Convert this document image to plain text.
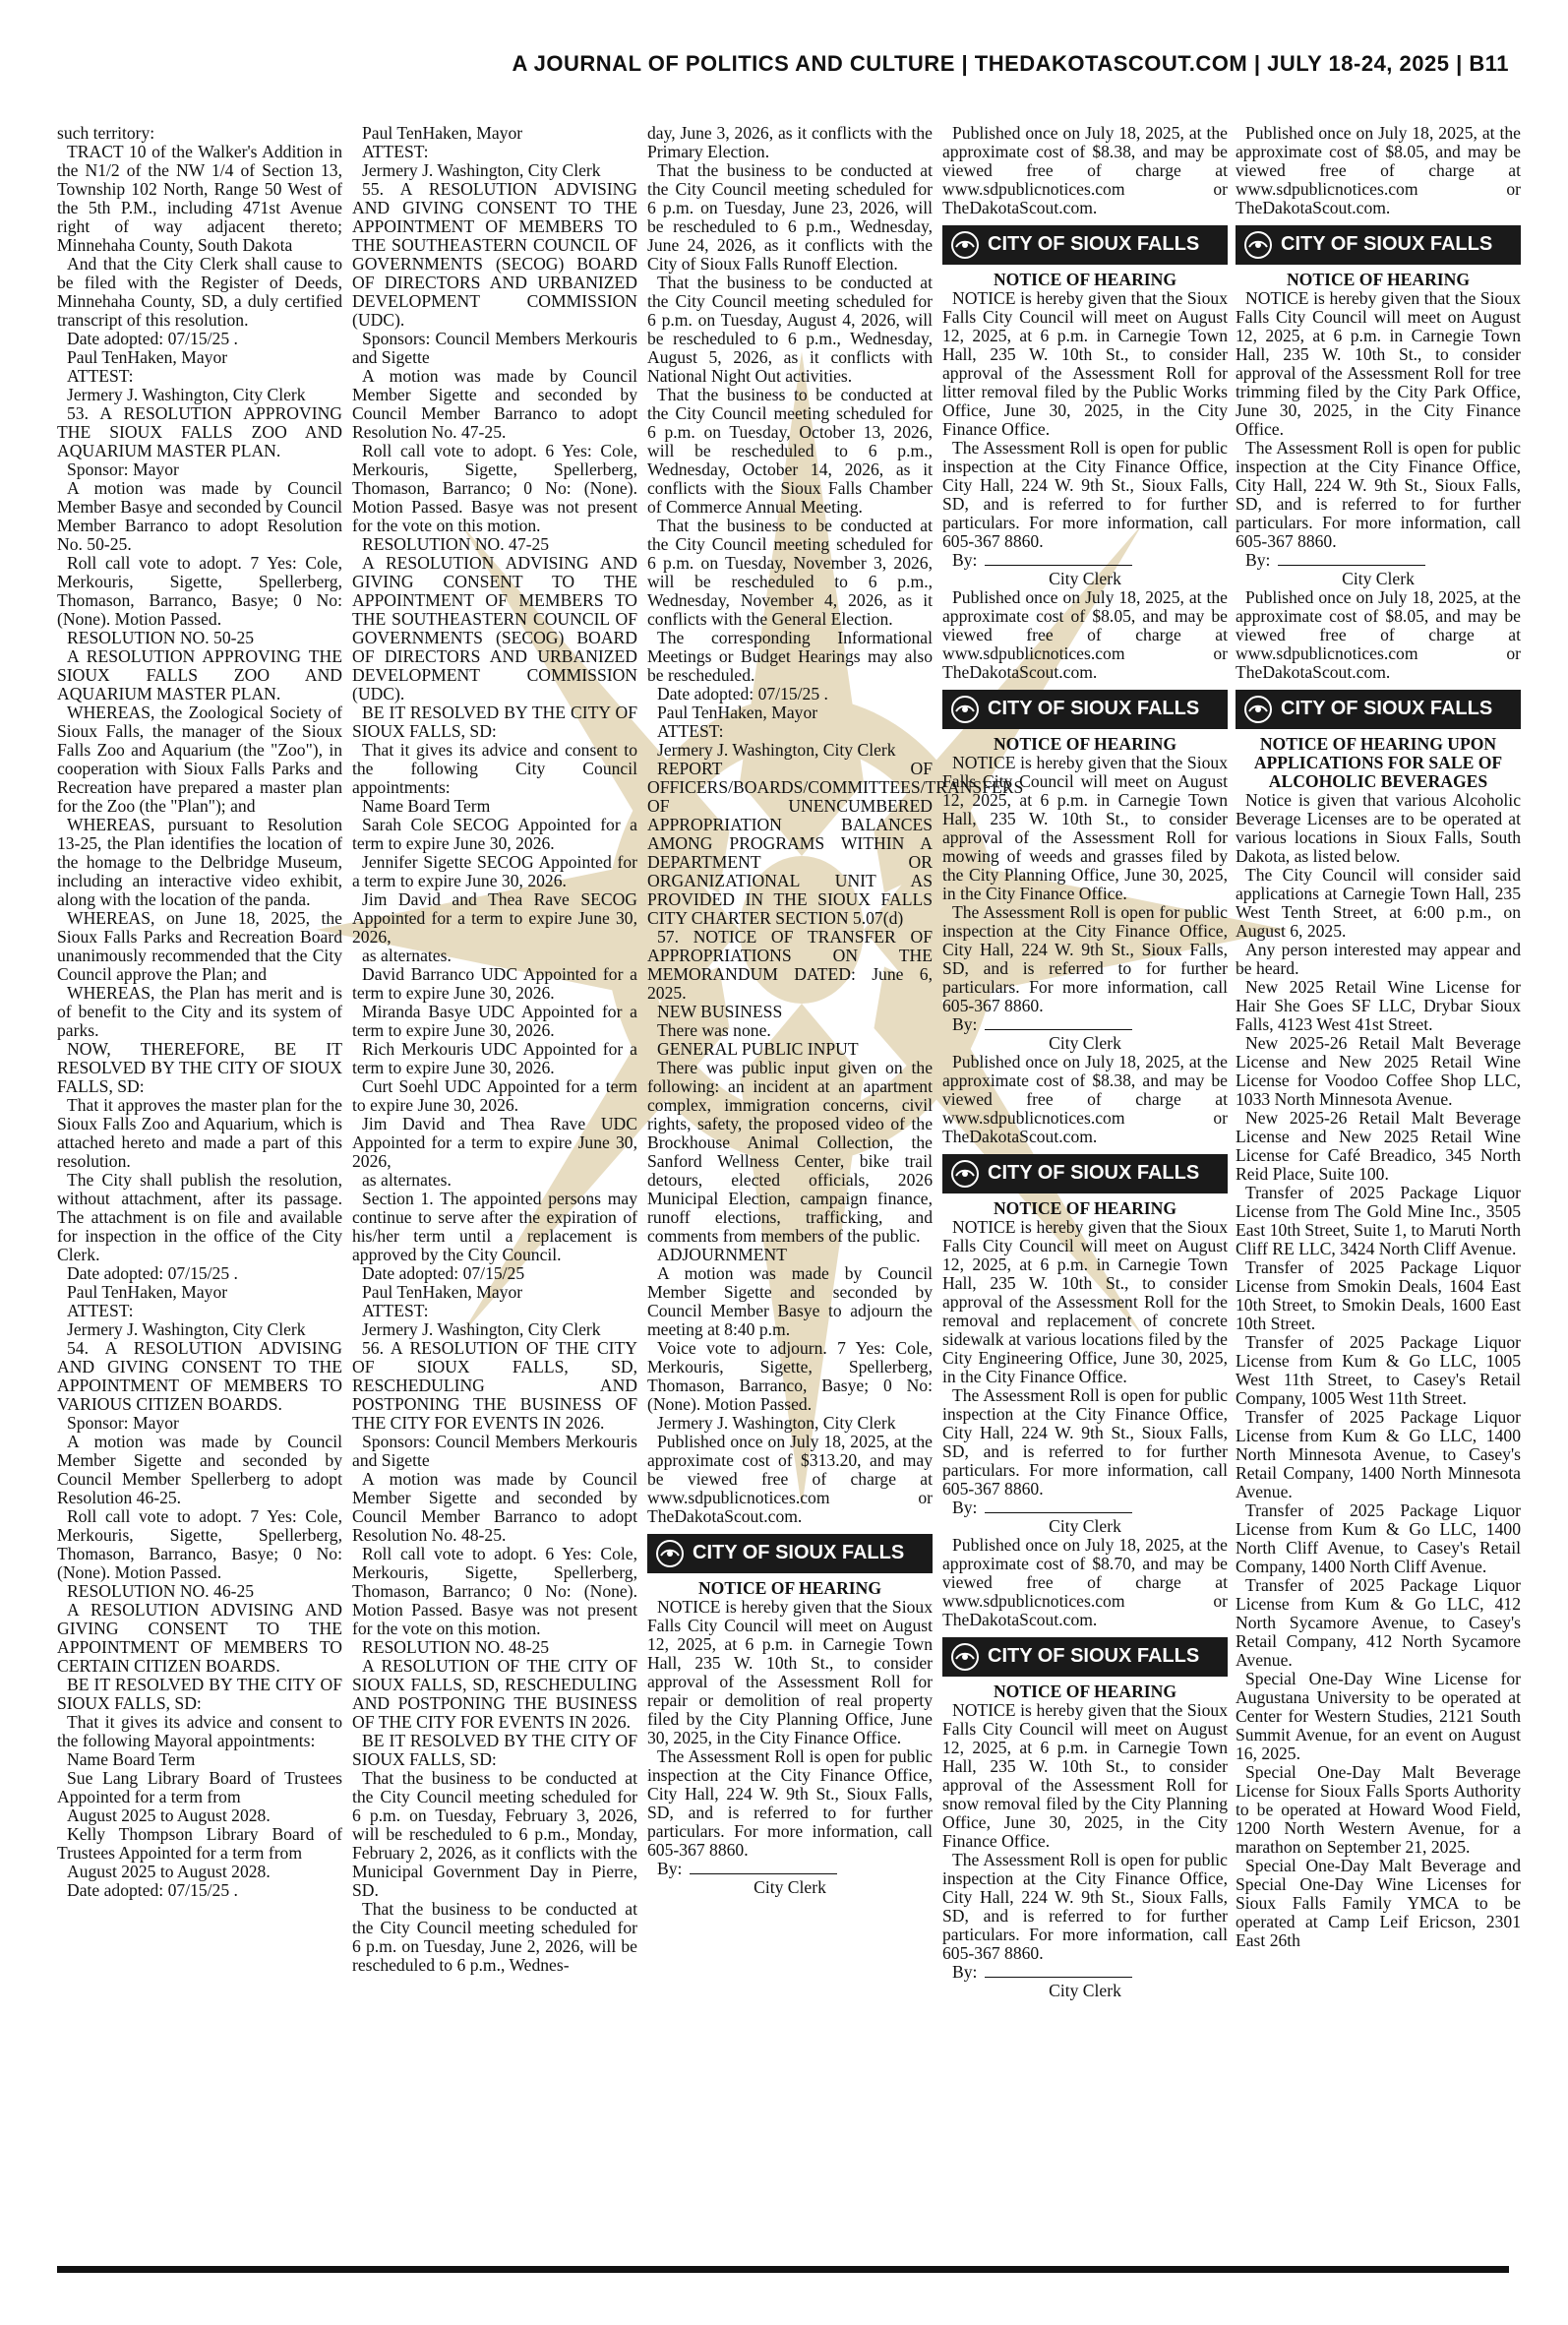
A JOURNAL OF POLITICS AND CULTURE | THEDAKOTASCOUT.COM | JULY 18-24, 2025 | B11

such territory:

TRACT 10 of the Walker's Addition in the N1/2 of the NW 1/4 of Section 13, Township 102 North, Range 50 West of the 5th P.M., including 471st Avenue right of way adjacent thereto; Minnehaha County, South Dakota

And that the City Clerk shall cause to be filed with the Register of Deeds, Minnehaha County, SD, a duly certified transcript of this resolution.

Date adopted: 07/15/25 .

Paul TenHaken, Mayor

ATTEST:

Jermery J. Washington, City Clerk

53. A RESOLUTION APPROVING THE SIOUX FALLS ZOO AND AQUARIUM MASTER PLAN.

Sponsor: Mayor

A motion was made by Council Member Basye and seconded by Council Member Barranco to adopt Resolution No. 50-25.

Roll call vote to adopt. 7 Yes: Cole, Merkouris, Sigette, Spellerberg, Thomason, Barranco, Basye; 0 No: (None). Motion Passed.

RESOLUTION NO. 50-25

A RESOLUTION APPROVING THE SIOUX FALLS ZOO AND AQUARIUM MASTER PLAN.

WHEREAS, the Zoological Society of Sioux Falls, the manager of the Sioux Falls Zoo and Aquarium (the "Zoo"), in cooperation with Sioux Falls Parks and Recreation have prepared a master plan for the Zoo (the "Plan"); and

WHEREAS, pursuant to Resolution 13-25, the Plan identifies the location of the homage to the Delbridge Museum, including an interactive video exhibit, along with the location of the panda.

WHEREAS, on June 18, 2025, the Sioux Falls Parks and Recreation Board unanimously recommended that the City Council approve the Plan; and

WHEREAS, the Plan has merit and is of benefit to the City and its system of parks.

NOW, THEREFORE, BE IT RESOLVED BY THE CITY OF SIOUX FALLS, SD:

That it approves the master plan for the Sioux Falls Zoo and Aquarium, which is attached hereto and made a part of this resolution.

The City shall publish the resolution, without attachment, after its passage. The attachment is on file and available for inspection in the office of the City Clerk.

Date adopted: 07/15/25 .

Paul TenHaken, Mayor

ATTEST:

Jermery J. Washington, City Clerk

54. A RESOLUTION ADVISING AND GIVING CONSENT TO THE APPOINTMENT OF MEMBERS TO VARIOUS CITIZEN BOARDS.

Sponsor: Mayor

A motion was made by Council Member Sigette and seconded by Council Member Spellerberg to adopt Resolution 46-25.

Roll call vote to adopt. 7 Yes: Cole, Merkouris, Sigette, Spellerberg, Thomason, Barranco, Basye; 0 No: (None). Motion Passed.

RESOLUTION NO. 46-25

A RESOLUTION ADVISING AND GIVING CONSENT TO THE APPOINTMENT OF MEMBERS TO CERTAIN CITIZEN BOARDS.

BE IT RESOLVED BY THE CITY OF SIOUX FALLS, SD:

That it gives its advice and consent to the following Mayoral appointments:

Name Board Term

Sue Lang Library Board of Trustees Appointed for a term from

August 2025 to August 2028.

Kelly Thompson Library Board of Trustees Appointed for a term from

August 2025 to August 2028.

Date adopted: 07/15/25 .

Paul TenHaken, Mayor

ATTEST:

Jermery J. Washington, City Clerk

55. A RESOLUTION ADVISING AND GIVING CONSENT TO THE APPOINTMENT OF MEMBERS TO THE SOUTHEASTERN COUNCIL OF GOVERNMENTS (SECOG) BOARD OF DIRECTORS AND URBANIZED DEVELOPMENT COMMISSION (UDC).

Sponsors: Council Members Merkouris and Sigette

A motion was made by Council Member Sigette and seconded by Council Member Barranco to adopt Resolution No. 47-25.

Roll call vote to adopt. 6 Yes: Cole, Merkouris, Sigette, Spellerberg, Thomason, Barranco; 0 No: (None). Motion Passed. Basye was not present for the vote on this motion.

RESOLUTION NO. 47-25

A RESOLUTION ADVISING AND GIVING CONSENT TO THE APPOINTMENT OF MEMBERS TO THE SOUTHEASTERN COUNCIL OF GOVERNMENTS (SECOG) BOARD OF DIRECTORS AND URBANIZED DEVELOPMENT COMMISSION (UDC).

BE IT RESOLVED BY THE CITY OF SIOUX FALLS, SD:

That it gives its advice and consent to the following City Council appointments:

Name Board Term

Sarah Cole SECOG Appointed for a term to expire June 30, 2026.

Jennifer Sigette SECOG Appointed for a term to expire June 30, 2026.

Jim David and Thea Rave SECOG Appointed for a term to expire June 30, 2026,

as alternates.

David Barranco UDC Appointed for a term to expire June 30, 2026.

Miranda Basye UDC Appointed for a term to expire June 30, 2026.

Rich Merkouris UDC Appointed for a term to expire June 30, 2026.

Curt Soehl UDC Appointed for a term to expire June 30, 2026.

Jim David and Thea Rave UDC Appointed for a term to expire June 30, 2026,

as alternates.

Section 1. The appointed persons may continue to serve after the expiration of his/her term until a replacement is approved by the City Council.

Date adopted: 07/15/25

Paul TenHaken, Mayor

ATTEST:

Jermery J. Washington, City Clerk

56. A RESOLUTION OF THE CITY OF SIOUX FALLS, SD, RESCHEDULING AND POSTPONING THE BUSINESS OF THE CITY FOR EVENTS IN 2026.

Sponsors: Council Members Merkouris and Sigette

A motion was made by Council Member Sigette and seconded by Council Member Barranco to adopt Resolution No. 48-25.

Roll call vote to adopt. 6 Yes: Cole, Merkouris, Sigette, Spellerberg, Thomason, Barranco; 0 No: (None). Motion Passed. Basye was not present for the vote on this motion.

RESOLUTION NO. 48-25

A RESOLUTION OF THE CITY OF SIOUX FALLS, SD, RESCHEDULING AND POSTPONING THE BUSINESS OF THE CITY FOR EVENTS IN 2026.

BE IT RESOLVED BY THE CITY OF SIOUX FALLS, SD:

That the business to be conducted at the City Council meeting scheduled for 6 p.m. on Tuesday, February 3, 2026, will be rescheduled to 6 p.m., Monday, February 2, 2026, as it conflicts with the Municipal Government Day in Pierre, SD.

That the business to be conducted at the City Council meeting scheduled for 6 p.m. on Tuesday, June 2, 2026, will be rescheduled to 6 p.m., Wednes-

day, June 3, 2026, as it conflicts with the Primary Election.

That the business to be conducted at the City Council meeting scheduled for 6 p.m. on Tuesday, June 23, 2026, will be rescheduled to 6 p.m., Wednesday, June 24, 2026, as it conflicts with the City of Sioux Falls Runoff Election.

That the business to be conducted at the City Council meeting scheduled for 6 p.m. on Tuesday, August 4, 2026, will be rescheduled to 6 p.m., Wednesday, August 5, 2026, as it conflicts with National Night Out activities.

That the business to be conducted at the City Council meeting scheduled for 6 p.m. on Tuesday, October 13, 2026, will be rescheduled to 6 p.m., Wednesday, October 14, 2026, as it conflicts with the Sioux Falls Chamber of Commerce Annual Meeting.

That the business to be conducted at the City Council meeting scheduled for 6 p.m. on Tuesday, November 3, 2026, will be rescheduled to 6 p.m., Wednesday, November 4, 2026, as it conflicts with the General Election.

The corresponding Informational Meetings or Budget Hearings may also be rescheduled.

Date adopted: 07/15/25 .

Paul TenHaken, Mayor

ATTEST:

Jermery J. Washington, City Clerk

REPORT OF OFFICERS/BOARDS/COMMITTEES/TRANSFERS OF UNENCUMBERED APPROPRIATION BALANCES AMONG PROGRAMS WITHIN A DEPARTMENT OR ORGANIZATIONAL UNIT AS PROVIDED IN THE SIOUX FALLS CITY CHARTER SECTION 5.07(d)

57. NOTICE OF TRANSFER OF APPROPRIATIONS ON THE MEMORANDUM DATED: June 6, 2025.

NEW BUSINESS

There was none.

GENERAL PUBLIC INPUT

There was public input given on the following: an incident at an apartment complex, immigration concerns, civil rights, safety, the proposed video of the Brockhouse Animal Collection, the Sanford Wellness Center, bike trail detours, elected officials, 2026 Municipal Election, campaign finance, runoff elections, trafficking, and comments from members of the public.

ADJOURNMENT

A motion was made by Council Member Sigette and seconded by Council Member Basye to adjourn the meeting at 8:40 p.m.

Voice vote to adjourn. 7 Yes: Cole, Merkouris, Sigette, Spellerberg, Thomason, Barranco, Basye; 0 No: (None). Motion Passed.

Jermery J. Washington, City Clerk

Published once on July 18, 2025, at the approximate cost of $313.20, and may be viewed free of charge at www.sdpublicnotices.com or TheDakotaScout.com.

CITY OF SIOUX FALLS

NOTICE OF HEARING

NOTICE is hereby given that the Sioux Falls City Council will meet on August 12, 2025, at 6 p.m. in Carnegie Town Hall, 235 W. 10th St., to consider approval of the Assessment Roll for repair or demolition of real property filed by the City Planning Office, June 30, 2025, in the City Finance Office.

The Assessment Roll is open for public inspection at the City Finance Office, City Hall, 224 W. 9th St., Sioux Falls, SD, and is referred to for further particulars. For more information, call 605-367 8860.

By:

City Clerk

Published once on July 18, 2025, at the approximate cost of $8.38, and may be viewed free of charge at www.sdpublicnotices.com or TheDakotaScout.com.

CITY OF SIOUX FALLS

NOTICE OF HEARING

NOTICE is hereby given that the Sioux Falls City Council will meet on August 12, 2025, at 6 p.m. in Carnegie Town Hall, 235 W. 10th St., to consider approval of the Assessment Roll for litter removal filed by the Public Works Office, June 30, 2025, in the City Finance Office.

The Assessment Roll is open for public inspection at the City Finance Office, City Hall, 224 W. 9th St., Sioux Falls, SD, and is referred to for further particulars. For more information, call 605-367 8860.

By:

City Clerk

Published once on July 18, 2025, at the approximate cost of $8.05, and may be viewed free of charge at www.sdpublicnotices.com or TheDakotaScout.com.

CITY OF SIOUX FALLS

NOTICE OF HEARING

NOTICE is hereby given that the Sioux Falls City Council will meet on August 12, 2025, at 6 p.m. in Carnegie Town Hall, 235 W. 10th St., to consider approval of the Assessment Roll for mowing of weeds and grasses filed by the City Planning Office, June 30, 2025, in the City Finance Office.

The Assessment Roll is open for public inspection at the City Finance Office, City Hall, 224 W. 9th St., Sioux Falls, SD, and is referred to for further particulars. For more information, call 605-367 8860.

By:

City Clerk

Published once on July 18, 2025, at the approximate cost of $8.38, and may be viewed free of charge at www.sdpublicnotices.com or TheDakotaScout.com.

CITY OF SIOUX FALLS

NOTICE OF HEARING

NOTICE is hereby given that the Sioux Falls City Council will meet on August 12, 2025, at 6 p.m. in Carnegie Town Hall, 235 W. 10th St., to consider approval of the Assessment Roll for the removal and replacement of concrete sidewalk at various locations filed by the City Engineering Office, June 30, 2025, in the City Finance Office.

The Assessment Roll is open for public inspection at the City Finance Office, City Hall, 224 W. 9th St., Sioux Falls, SD, and is referred to for further particulars. For more information, call 605-367 8860.

By:

City Clerk

Published once on July 18, 2025, at the approximate cost of $8.70, and may be viewed free of charge at www.sdpublicnotices.com or TheDakotaScout.com.

CITY OF SIOUX FALLS

NOTICE OF HEARING

NOTICE is hereby given that the Sioux Falls City Council will meet on August 12, 2025, at 6 p.m. in Carnegie Town Hall, 235 W. 10th St., to consider approval of the Assessment Roll for snow removal filed by the City Planning Office, June 30, 2025, in the City Finance Office.

The Assessment Roll is open for public inspection at the City Finance Office, City Hall, 224 W. 9th St., Sioux Falls, SD, and is referred to for further particulars. For more information, call 605-367 8860.

By:

City Clerk

Published once on July 18, 2025, at the approximate cost of $8.05, and may be viewed free of charge at www.sdpublicnotices.com or TheDakotaScout.com.

CITY OF SIOUX FALLS

NOTICE OF HEARING

NOTICE is hereby given that the Sioux Falls City Council will meet on August 12, 2025, at 6 p.m. in Carnegie Town Hall, 235 W. 10th St., to consider approval of the Assessment Roll for tree trimming filed by the City Park Office, June 30, 2025, in the City Finance Office.

The Assessment Roll is open for public inspection at the City Finance Office, City Hall, 224 W. 9th St., Sioux Falls, SD, and is referred to for further particulars. For more information, call 605-367 8860.

By:

City Clerk

Published once on July 18, 2025, at the approximate cost of $8.05, and may be viewed free of charge at www.sdpublicnotices.com or TheDakotaScout.com.

CITY OF SIOUX FALLS

NOTICE OF HEARING UPON APPLICATIONS FOR SALE OF ALCOHOLIC BEVERAGES

Notice is given that various Alcoholic Beverage Licenses are to be operated at various locations in Sioux Falls, South Dakota, as listed below.

The City Council will consider said applications at Carnegie Town Hall, 235 West Tenth Street, at 6:00 p.m., on August 6, 2025.

Any person interested may appear and be heard.

New 2025 Retail Wine License for Hair She Goes SF LLC, Drybar Sioux Falls, 4123 West 41st Street.

New 2025-26 Retail Malt Beverage License and New 2025 Retail Wine License for Voodoo Coffee Shop LLC, 1033 North Minnesota Avenue.

New 2025-26 Retail Malt Beverage License and New 2025 Retail Wine License for Café Breadico, 345 North Reid Place, Suite 100.

Transfer of 2025 Package Liquor License from The Gold Mine Inc., 3505 East 10th Street, Suite 1, to Maruti North Cliff RE LLC, 3424 North Cliff Avenue.

Transfer of 2025 Package Liquor License from Smokin Deals, 1604 East 10th Street, to Smokin Deals, 1600 East 10th Street.

Transfer of 2025 Package Liquor License from Kum & Go LLC, 1005 West 11th Street, to Casey's Retail Company, 1005 West 11th Street.

Transfer of 2025 Package Liquor License from Kum & Go LLC, 1400 North Minnesota Avenue, to Casey's Retail Company, 1400 North Minnesota Avenue.

Transfer of 2025 Package Liquor License from Kum & Go LLC, 1400 North Cliff Avenue, to Casey's Retail Company, 1400 North Cliff Avenue.

Transfer of 2025 Package Liquor License from Kum & Go LLC, 412 North Sycamore Avenue, to Casey's Retail Company, 412 North Sycamore Avenue.

Special One-Day Wine License for Augustana University to be operated at Center for Western Studies, 2121 South Summit Avenue, for an event on August 16, 2025.

Special One-Day Malt Beverage License for Sioux Falls Sports Authority to be operated at Howard Wood Field, 1200 North Western Avenue, for a marathon on September 21, 2025.

Special One-Day Malt Beverage and Special One-Day Wine Licenses for Sioux Falls Family YMCA to be operated at Camp Leif Ericson, 2301 East 26th
